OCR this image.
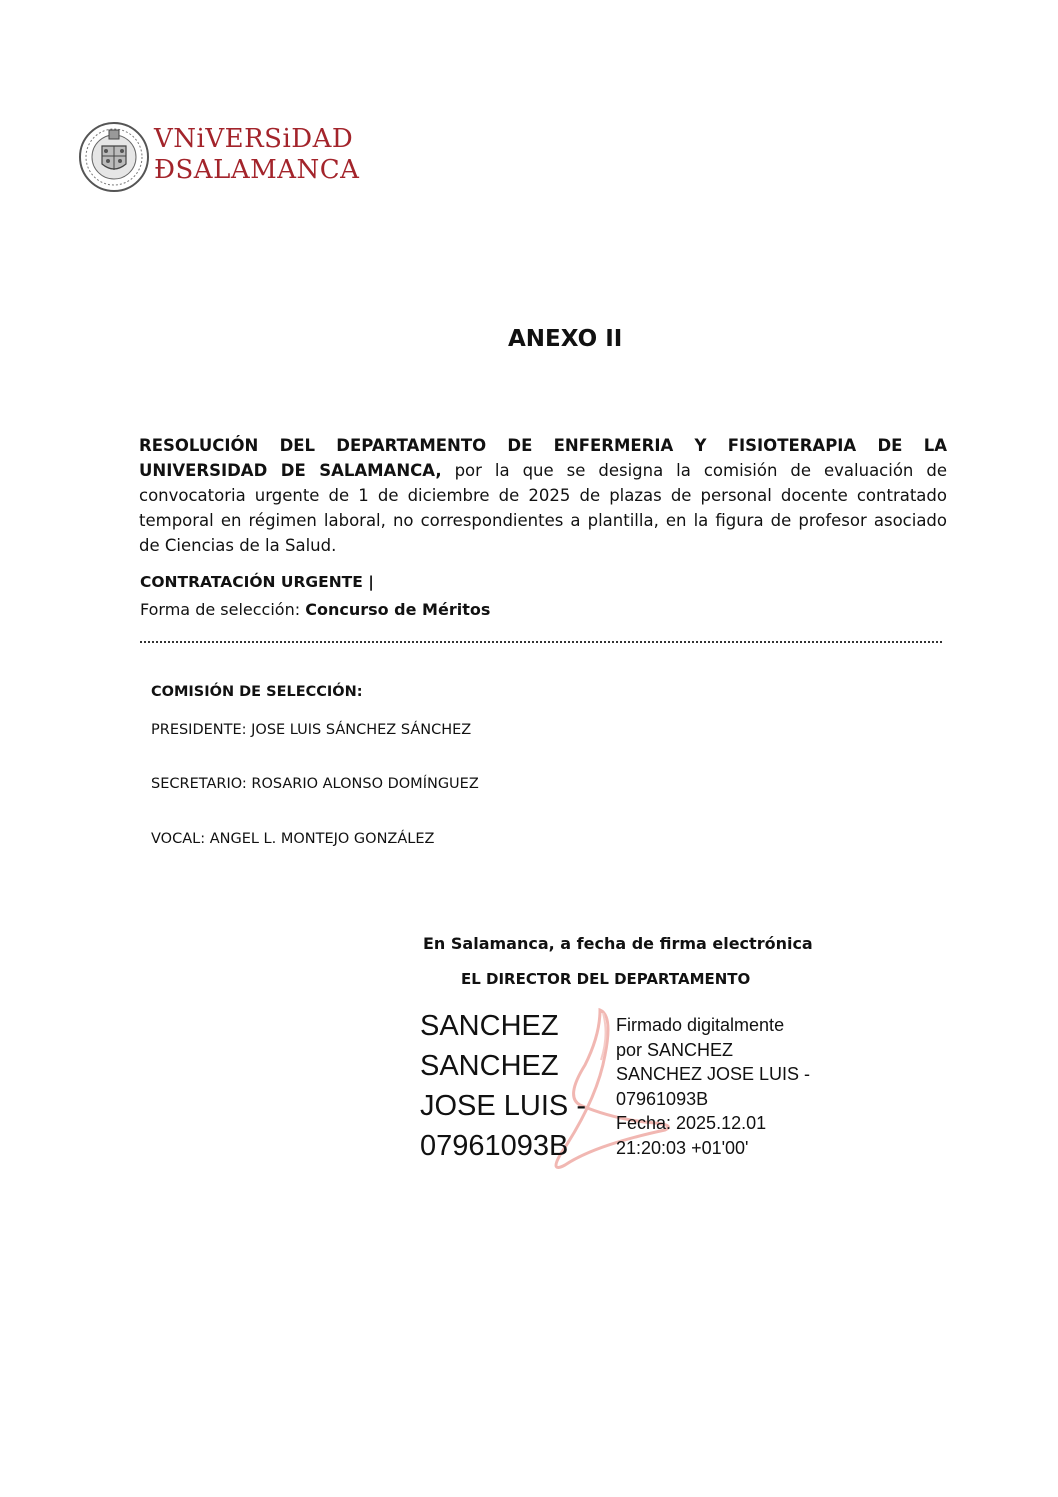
VNiVERSiDAD
ÐSALAMANCA
ANEXO II

RESOLUCIÓN DEL DEPARTAMENTO DE ENFERMERIA Y FISIOTERAPIA DE LA UNIVERSIDAD DE SALAMANCA, por la que se designa la comisión de evaluación de convocatoria urgente de 1 de diciembre de 2025 de plazas de personal docente contratado temporal en régimen laboral, no correspondientes a plantilla, en la figura de profesor asociado de Ciencias de la Salud.

CONTRATACIÓN URGENTE |
Forma de selección: Concurso de Méritos
COMISIÓN DE SELECCIÓN:
PRESIDENTE: JOSE LUIS SÁNCHEZ SÁNCHEZ
SECRETARIO: ROSARIO ALONSO DOMÍNGUEZ
VOCAL: ANGEL L. MONTEJO GONZÁLEZ
En Salamanca, a fecha de firma electrónica
EL DIRECTOR DEL DEPARTAMENTO
SANCHEZ
SANCHEZ
JOSE LUIS -
07961093B
Firmado digitalmente
por SANCHEZ
SANCHEZ JOSE LUIS -
07961093B
Fecha: 2025.12.01
21:20:03 +01'00'
